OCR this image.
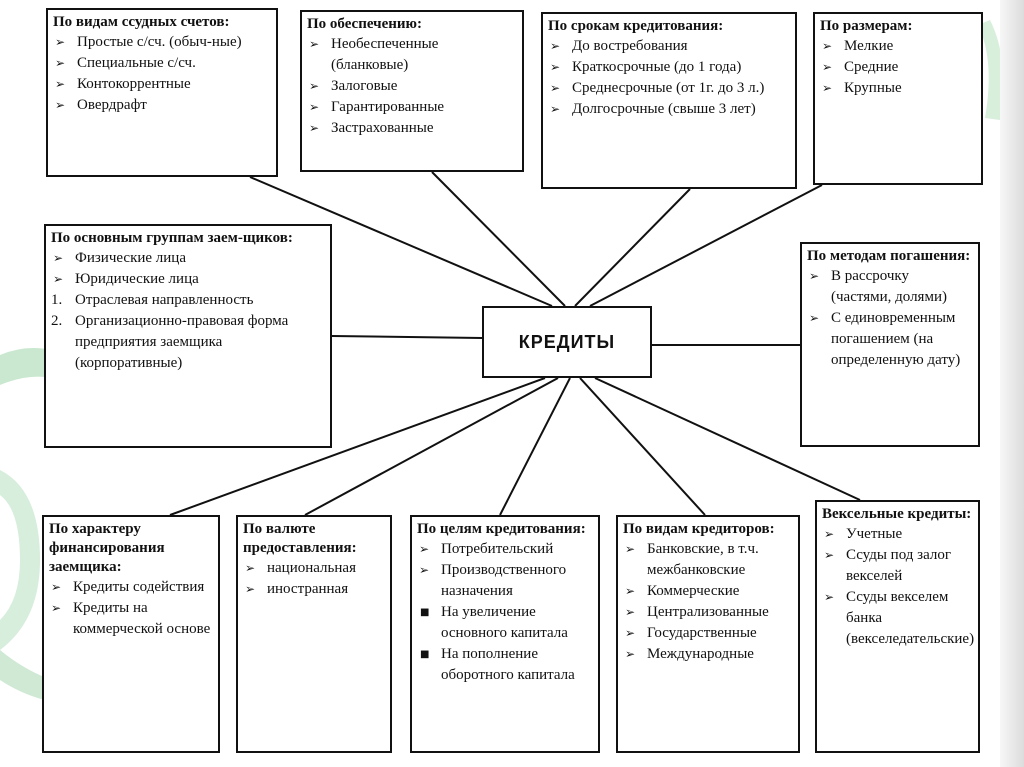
КРЕДИТЫ
По видам ссудных счетов:
➢ Простые с/сч. (обыч-ные)
➢ Специальные с/сч.
➢ Контокоррентные
➢ Овердрафт
По обеспечению:
➢ Необеспеченные (бланковые)
➢ Залоговые
➢ Гарантированные
➢ Застрахованные
По срокам кредитования:
➢ До востребования
➢ Краткосрочные (до 1 года)
➢ Среднесрочные (от 1г. до 3 л.)
➢ Долгосрочные (свыше 3 лет)
По размерам:
➢ Мелкие
➢ Средние
➢ Крупные
По основным группам заем-щиков:
➢ Физические лица
➢ Юридические лица
1. Отраслевая направленность
2. Организационно-правовая форма предприятия заемщика (корпоративные)
По методам погашения:
➢ В рассрочку (частями, долями)
➢ С единовременным погашением (на определенную дату)
По характеру финансирования заемщика:
➢ Кредиты содействия
➢ Кредиты на коммерческой основе
По валюте предоставления:
➢ национальная
➢ иностранная
По целям кредитования:
➢ Потребительский
➢ Производственного назначения
■ На увеличение основного капитала
■ На пополнение оборотного капитала
По видам кредиторов:
➢ Банковские, в т.ч. межбанковские
➢ Коммерческие
➢ Централизованные
➢ Государственные
➢ Международные
Вексельные кредиты:
➢ Учетные
➢ Ссуды под залог векселей
➢ Ссуды векселем банка (векселедательские)
